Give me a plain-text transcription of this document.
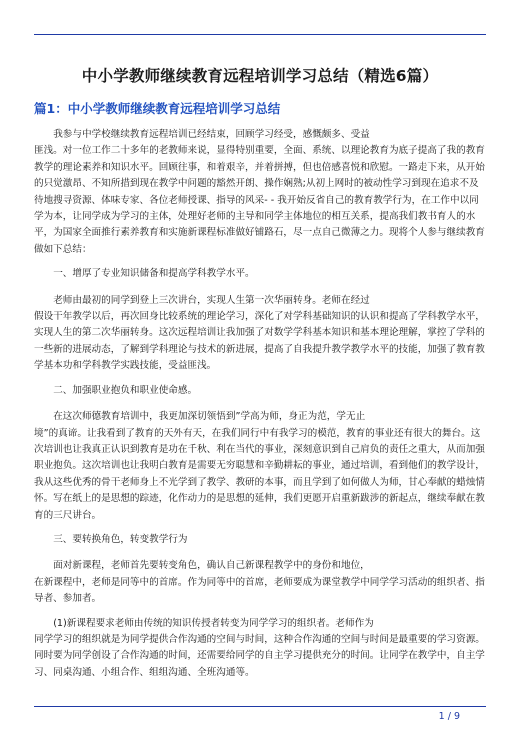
中小学教师继续教育远程培训学习总结（精选6篇）
篇1：中小学教师继续教育远程培训学习总结

我参与中学校继续教育远程培训已经结束，回顾学习经受，感慨颇多、受益
匪浅。对一位工作二十多年的老教师来说，显得特别重要，全面、系统、以理论教育为底子提高了我的教育教学的理论素养和知识水平。回顾往事，和着艰辛，并着拼搏，但也倍感喜悦和欣慰。一路走下来，从开始的只觉激昂、不知所措到现在教学中问题的豁然开朗、操作娴熟;从初上网时的被动性学习到现在追求不及待地搜寻资源、体味专家、各位老师授课、指导的风采- - 我开始反省自己的教育教学行为，在工作中以同学为本，让同学成为学习的主体，处理好老师的主导和同学主体地位的相互关系，提高我们教书育人的水平，为国家全面推行素养教育和实施新课程标准做好铺路石，尽一点自己微薄之力。现将个人参与继续教育做如下总结：

一、增厚了专业知识储备和提高学科教学水平。

老师由最初的同学到登上三次讲台，实现人生第一次华丽转身。老师在经过
假设干年教学以后，再次回身比较系统的理论学习，深化了对学科基础知识的认识和提高了学科教学水平，实现人生的第二次华丽转身。这次远程培训让我加强了对数学学科基本知识和基本理论理解，掌控了学科的一些新的进展动态，了解到学科理论与技术的新进展，提高了自我提升教学教学水平的技能，加强了教育教学基本功和学科教学实践技能，受益匪浅。

二、加强职业抱负和职业使命感。

在这次师德教育培训中，我更加深切领悟到”学高为师，身正为范，学无止
境”的真谛。让我看到了教育的天外有天，在我们同行中有我学习的模范，教育的事业还有很大的舞台。这次培训也让我真正认识到教育是功在千秋、利在当代的事业，深刻意识到自己肩负的责任之重大，从而加强职业抱负。这次培训也让我明白教育是需要无穷聪慧和辛勤耕耘的事业，通过培训，看到他们的教学设计，我从这些优秀的骨干老师身上不光学到了教学、教研的本事，而且学到了如何做人为师，甘心奉献的蜡烛情怀。写在纸上的是思想的踪迹，化作动力的是思想的延伸，我们更愿开启重新跋涉的新起点，继续奉献在教育的三尺讲台。

三、要转换角色，转变教学行为

面对新课程，老师首先要转变角色，确认自己新课程教学中的身份和地位，
在新课程中，老师是同等中的首席。作为同等中的首席，老师要成为课堂教学中同学学习活动的组织者、指导者、参加者。

(1)新课程要求老师由传统的知识传授者转变为同学学习的组织者。老师作为
同学学习的组织就是为同学提供合作沟通的空间与时间，这种合作沟通的空间与时间是最重要的学习资源。同时要为同学创设了合作沟通的时间，还需要给同学的自主学习提供充分的时间。让同学在教学中，自主学习、同桌沟通、小组合作、组组沟通、全班沟通等。

1 / 9
